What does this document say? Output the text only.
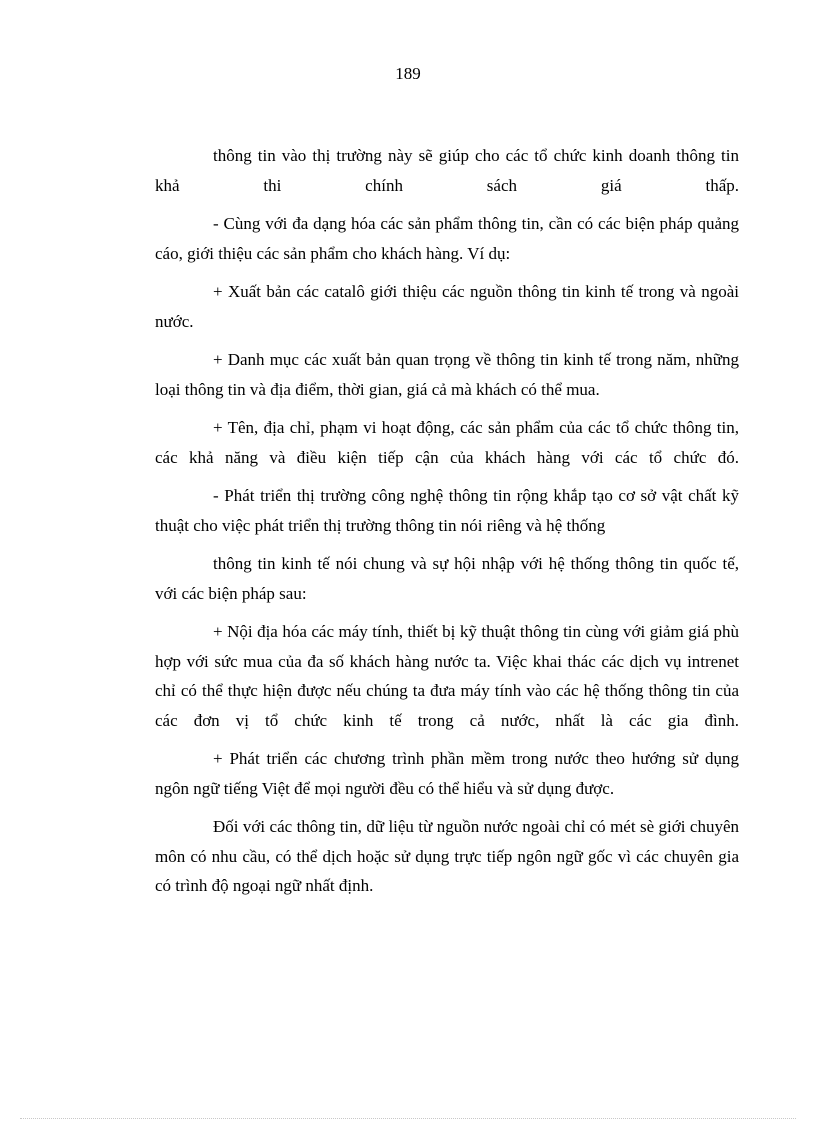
189

thông tin vào thị trường này sẽ giúp cho các tổ chức kinh doanh thông tin khả thi chính sách giá thấp.

- Cùng với đa dạng hóa các sản phẩm thông tin, cần có các biện pháp quảng cáo, giới thiệu các sản phẩm cho khách hàng. Ví dụ:

+ Xuất bản các catalô giới thiệu các nguồn thông tin kinh tế trong và ngoài nước.

+ Danh mục các xuất bản quan trọng về thông tin kinh tế trong năm, những loại thông tin và địa điểm, thời gian, giá cả mà khách có thể mua.

+ Tên, địa chỉ, phạm vi hoạt động, các sản phẩm của các tổ chức thông tin, các khả năng và điều kiện tiếp cận của khách hàng với các tổ chức đó.

- Phát triển thị trường công nghệ thông tin rộng khắp tạo cơ sở vật chất kỹ thuật cho việc phát triển thị trường thông tin nói riêng và hệ thống

thông tin kinh tế nói chung và sự hội nhập với hệ thống thông tin quốc tế, với các biện pháp sau:

+ Nội địa hóa các máy tính, thiết bị kỹ thuật thông tin cùng với giảm giá phù hợp với sức mua của đa số khách hàng nước ta. Việc khai thác các dịch vụ intrenet chỉ có thể thực hiện được nếu chúng ta đưa máy tính vào các hệ thống thông tin của các đơn vị tổ chức kinh tế trong cả nước, nhất là các gia đình.

+ Phát triển các chương trình phần mềm trong nước theo hướng sử dụng ngôn ngữ tiếng Việt để mọi người đều có thể hiểu và sử dụng được.

Đối với các thông tin, dữ liệu từ nguồn nước ngoài chỉ có mét sè giới chuyên môn có nhu cầu, có thể dịch hoặc sử dụng trực tiếp ngôn ngữ gốc vì các chuyên gia có trình độ ngoại ngữ nhất định.
